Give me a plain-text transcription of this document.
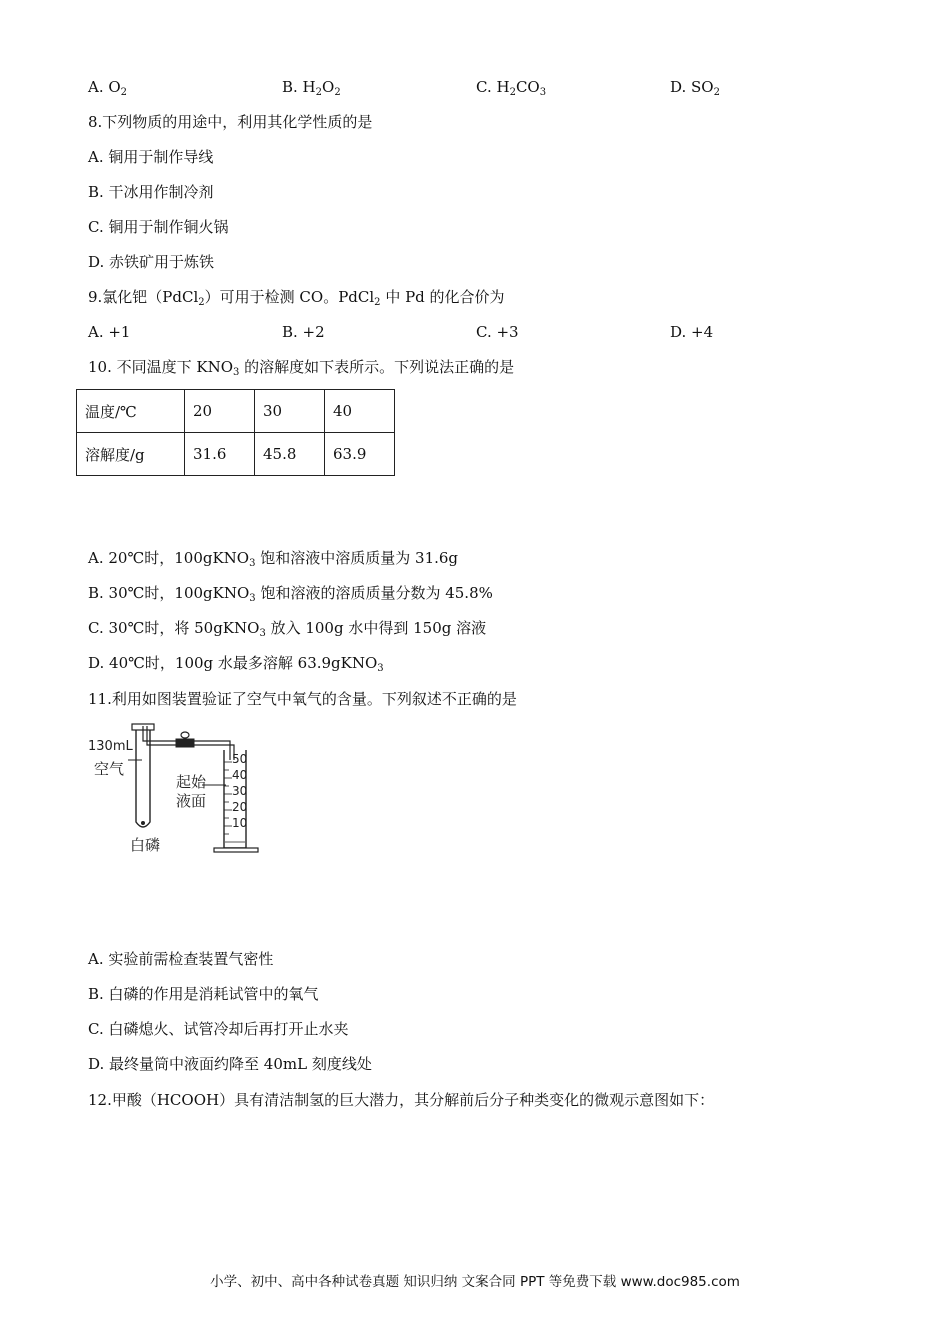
A. $O_2$	B. $H_2O_2$	C. $H_2CO_3$	D. $SO_2$
8.下列物质的用途中，利用其化学性质的是
A. 铜用于制作导线
B. 干冰用作制冷剂
C. 铜用于制作铜火锅
D. 赤铁矿用于炼铁
9.氯化钯（PdCl$_2$）可用于检测 CO。PdCl$_2$ 中 Pd 的化合价为
A. +1	B. +2	C. +3	D. +4
10. 不同温度下 $KNO_3$ 的溶解度如下表所示。下列说法正确的是
温度/℃	20	30	40
溶解度/g	31.6	45.8	63.9
A. 20℃时，100gKNO$_3$ 饱和溶液中溶质质量为 31.6g
B. 30℃时，100gKNO$_3$ 饱和溶液的溶质质量分数为 45.8%
C. 30℃时，将 50gKNO$_3$ 放入 100g 水中得到 150g 溶液
D. 40℃时，100g 水最多溶解 63.9gKNO$_3$
11.利用如图装置验证了空气中氧气的含量。下列叙述不正确的是
130mL
空气
白磷
起始
液面
50
40
30
20
10
A. 实验前需检查装置气密性
B. 白磷的作用是消耗试管中的氧气
C. 白磷熄火、试管冷却后再打开止水夹
D. 最终量筒中液面约降至 40mL 刻度线处
12.甲酸（HCOOH）具有清洁制氢的巨大潜力，其分解前后分子种类变化的微观示意图如下：
小学、初中、高中各种试卷真题 知识归纳 文案合同 PPT 等免费下载 www.doc985.com
